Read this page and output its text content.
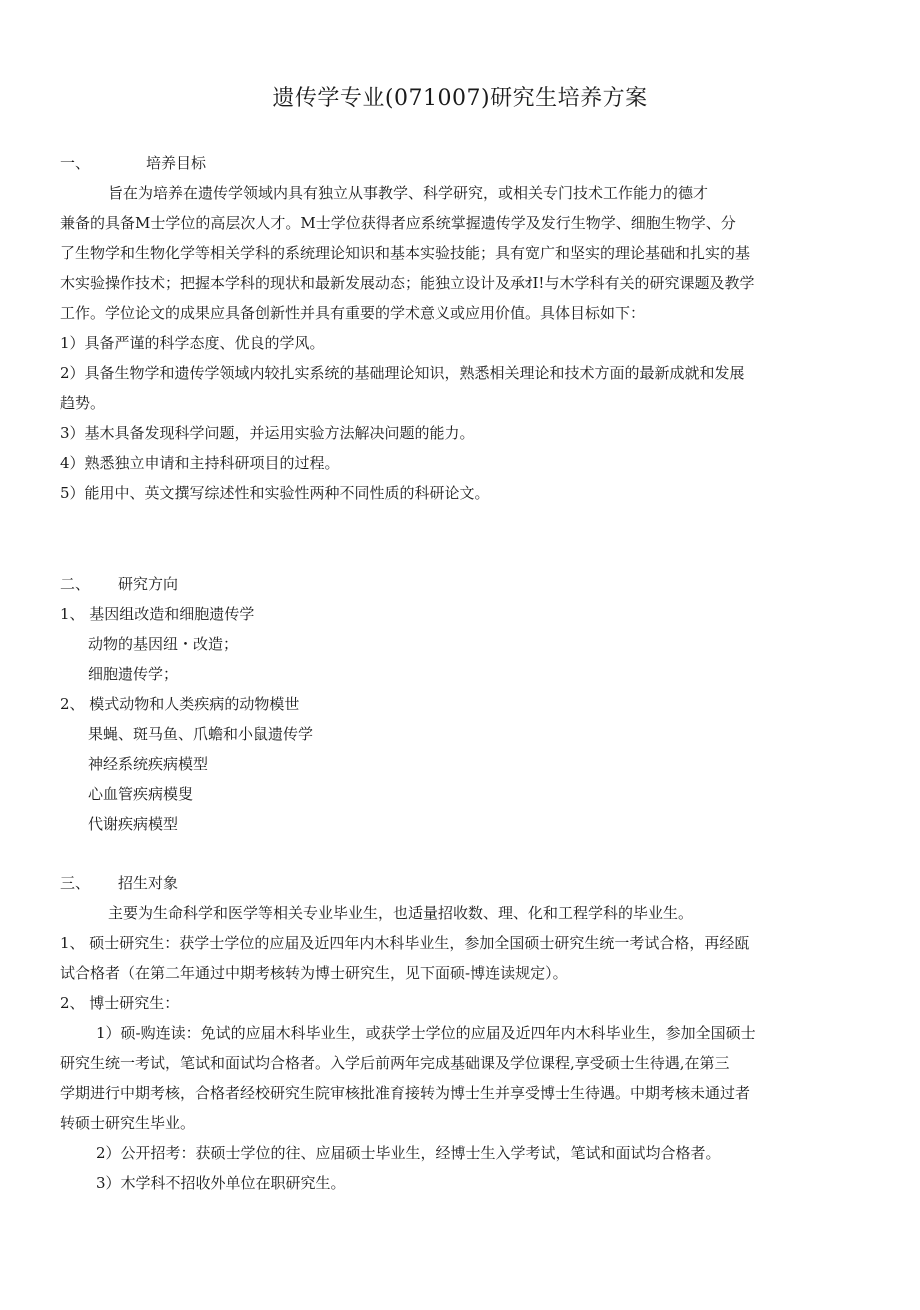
遗传学专业(071007)研究生培养方案
一、	培养目标
旨在为培养在遗传学领域内具有独立从事教学、科学研究，或相关专门技术工作能力的德才
兼备的具备M士学位的高层次人才。M士学位获得者应系统掌握遗传学及发行生物学、细胞生物学、分
了生物学和生物化学等相关学科的系统理论知识和基本实验技能；具有宽广和坚实的理论基础和扎实的基
木实验操作技术；把握本学科的现状和最新发展动态；能独立设计及承ｵI!与木学科有关的研究课题及教学
工作。学位论文的成果应具备创新性并具有重要的学术意义或应用价值。具体目标如下：
1）具备严谨的科学态度、优良的学风。
2）具备生物学和遗传学领域内较扎实系统的基础理论知识，熟悉相关理论和技术方面的最新成就和发展
趋势。
3）基木具备发现科学问题，并运用实验方法解决问题的能力。
4）熟悉独立申请和主持科研项目的过程。
5）能用中、英文撰写综述性和实验性两种不同性质的科研论文。
二、 研究方向
1、 基因组改造和细胞遗传学
动物的基因纽・改造；
细胞遗传学；
2、 模式动物和人类疾病的动物模世
果蝇、斑马鱼、爪蟾和小鼠遗传学
神经系统疾病模型
心血管疾病模叟
代谢疾病模型
三、 招生对象
主要为生命科学和医学等相关专业毕业生，也适量招收数、理、化和工程学科的毕业生。
1、 硕士研究生：获学士学位的应届及近四年内木科毕业生，参加全国硕士研究生统一考试合格，再经瓯
试合格者（在第二年通过中期考核转为博士研究生，见下面硕-博连读规定）。
2、 博士研究生：
1）硕-购连读：免试的应届木科毕业生，或获学士学位的应届及近四年内木科毕业生，参加全国硕士
研究生统一考试，笔试和面试均合格者。入学后前两年完成基础课及学位课程,享受硕士生待遇,在第三
学期进行中期考核，合格者经校研究生院审核批准育接转为博士生并享受博士生待遇。中期考核未通过者
转硕士研究生毕业。
2）公开招考：获硕士学位的往、应届硕士毕业生，经博士生入学考试，笔试和面试均合格者。
3）木学科不招收外单位在职研究生。
